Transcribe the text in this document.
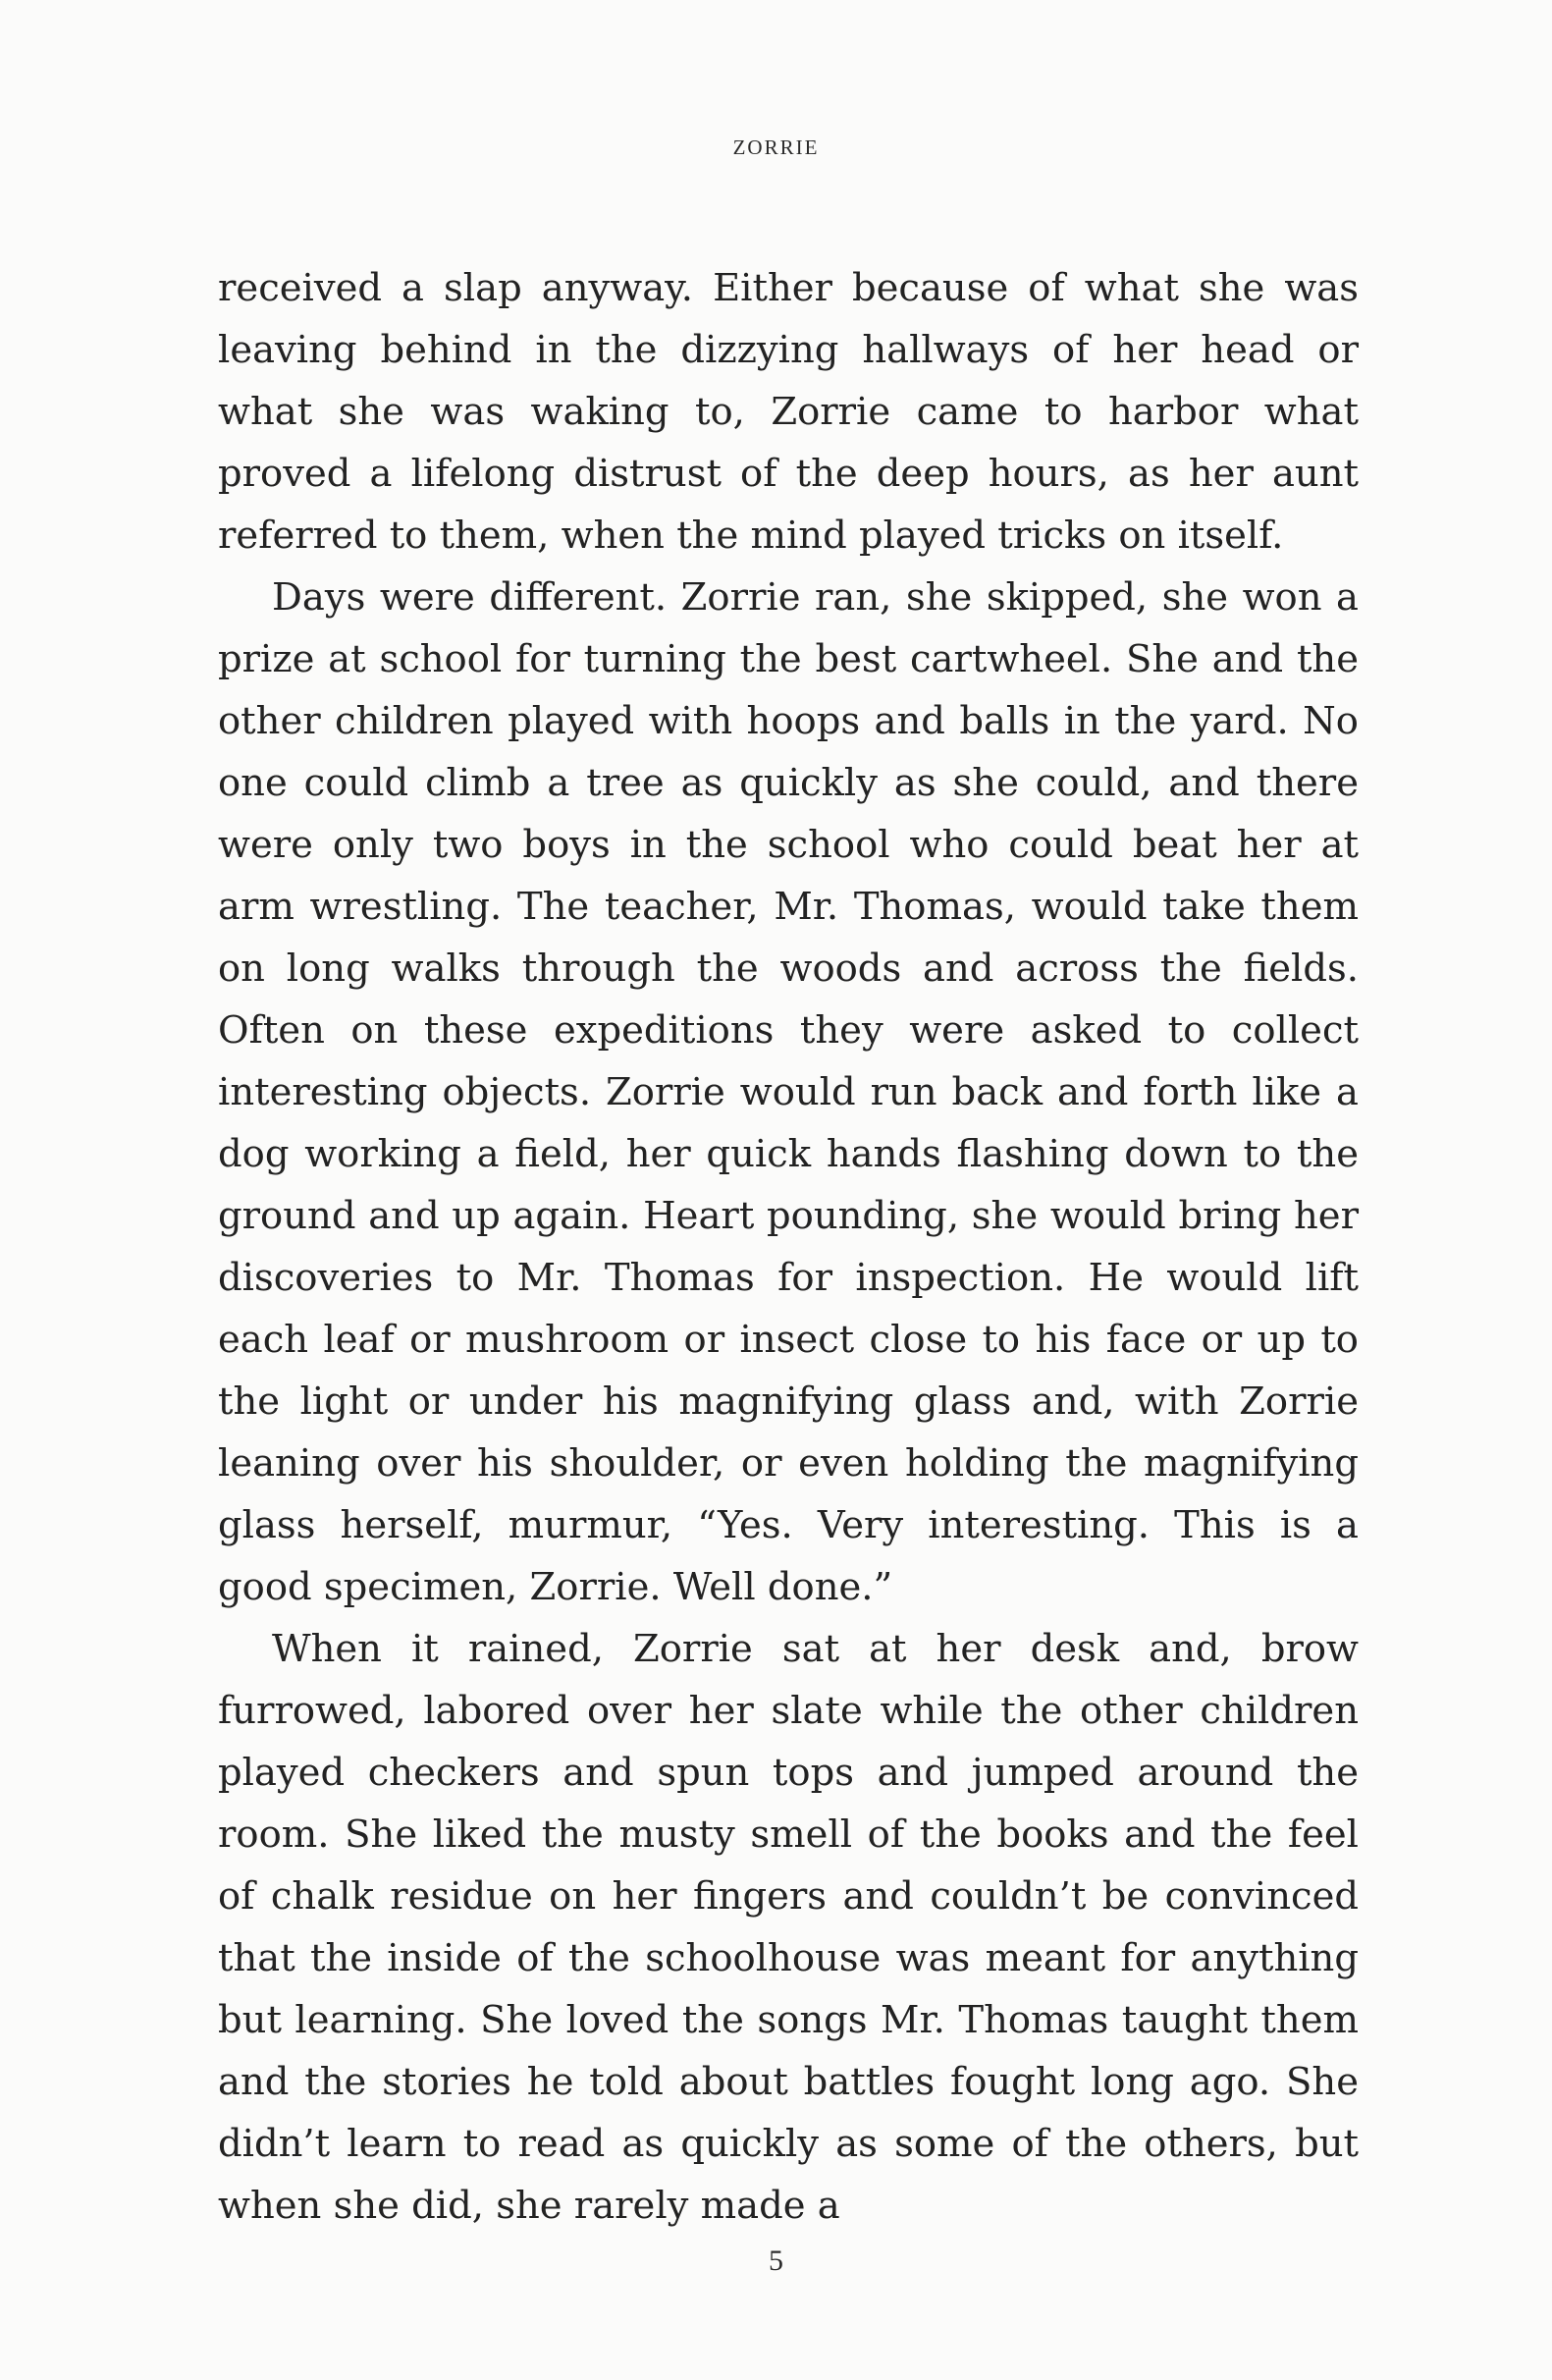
ZORRIE

received a slap anyway. Either because of what she was leaving behind in the dizzying hallways of her head or what she was waking to, Zorrie came to harbor what proved a lifelong distrust of the deep hours, as her aunt referred to them, when the mind played tricks on itself.

Days were different. Zorrie ran, she skipped, she won a prize at school for turning the best cartwheel. She and the other children played with hoops and balls in the yard. No one could climb a tree as quickly as she could, and there were only two boys in the school who could beat her at arm wrestling. The teacher, Mr. Thomas, would take them on long walks through the woods and across the fields. Often on these expeditions they were asked to collect interesting objects. Zorrie would run back and forth like a dog working a field, her quick hands flashing down to the ground and up again. Heart pounding, she would bring her discoveries to Mr. Thomas for inspection. He would lift each leaf or mushroom or insect close to his face or up to the light or under his magnifying glass and, with Zorrie leaning over his shoulder, or even holding the magnifying glass herself, murmur, “Yes. Very interesting. This is a good specimen, Zorrie. Well done.”

When it rained, Zorrie sat at her desk and, brow furrowed, labored over her slate while the other children played checkers and spun tops and jumped around the room. She liked the musty smell of the books and the feel of chalk residue on her fingers and couldn’t be convinced that the inside of the schoolhouse was meant for anything but learning. She loved the songs Mr. Thomas taught them and the stories he told about battles fought long ago. She didn’t learn to read as quickly as some of the others, but when she did, she rarely made a

5
